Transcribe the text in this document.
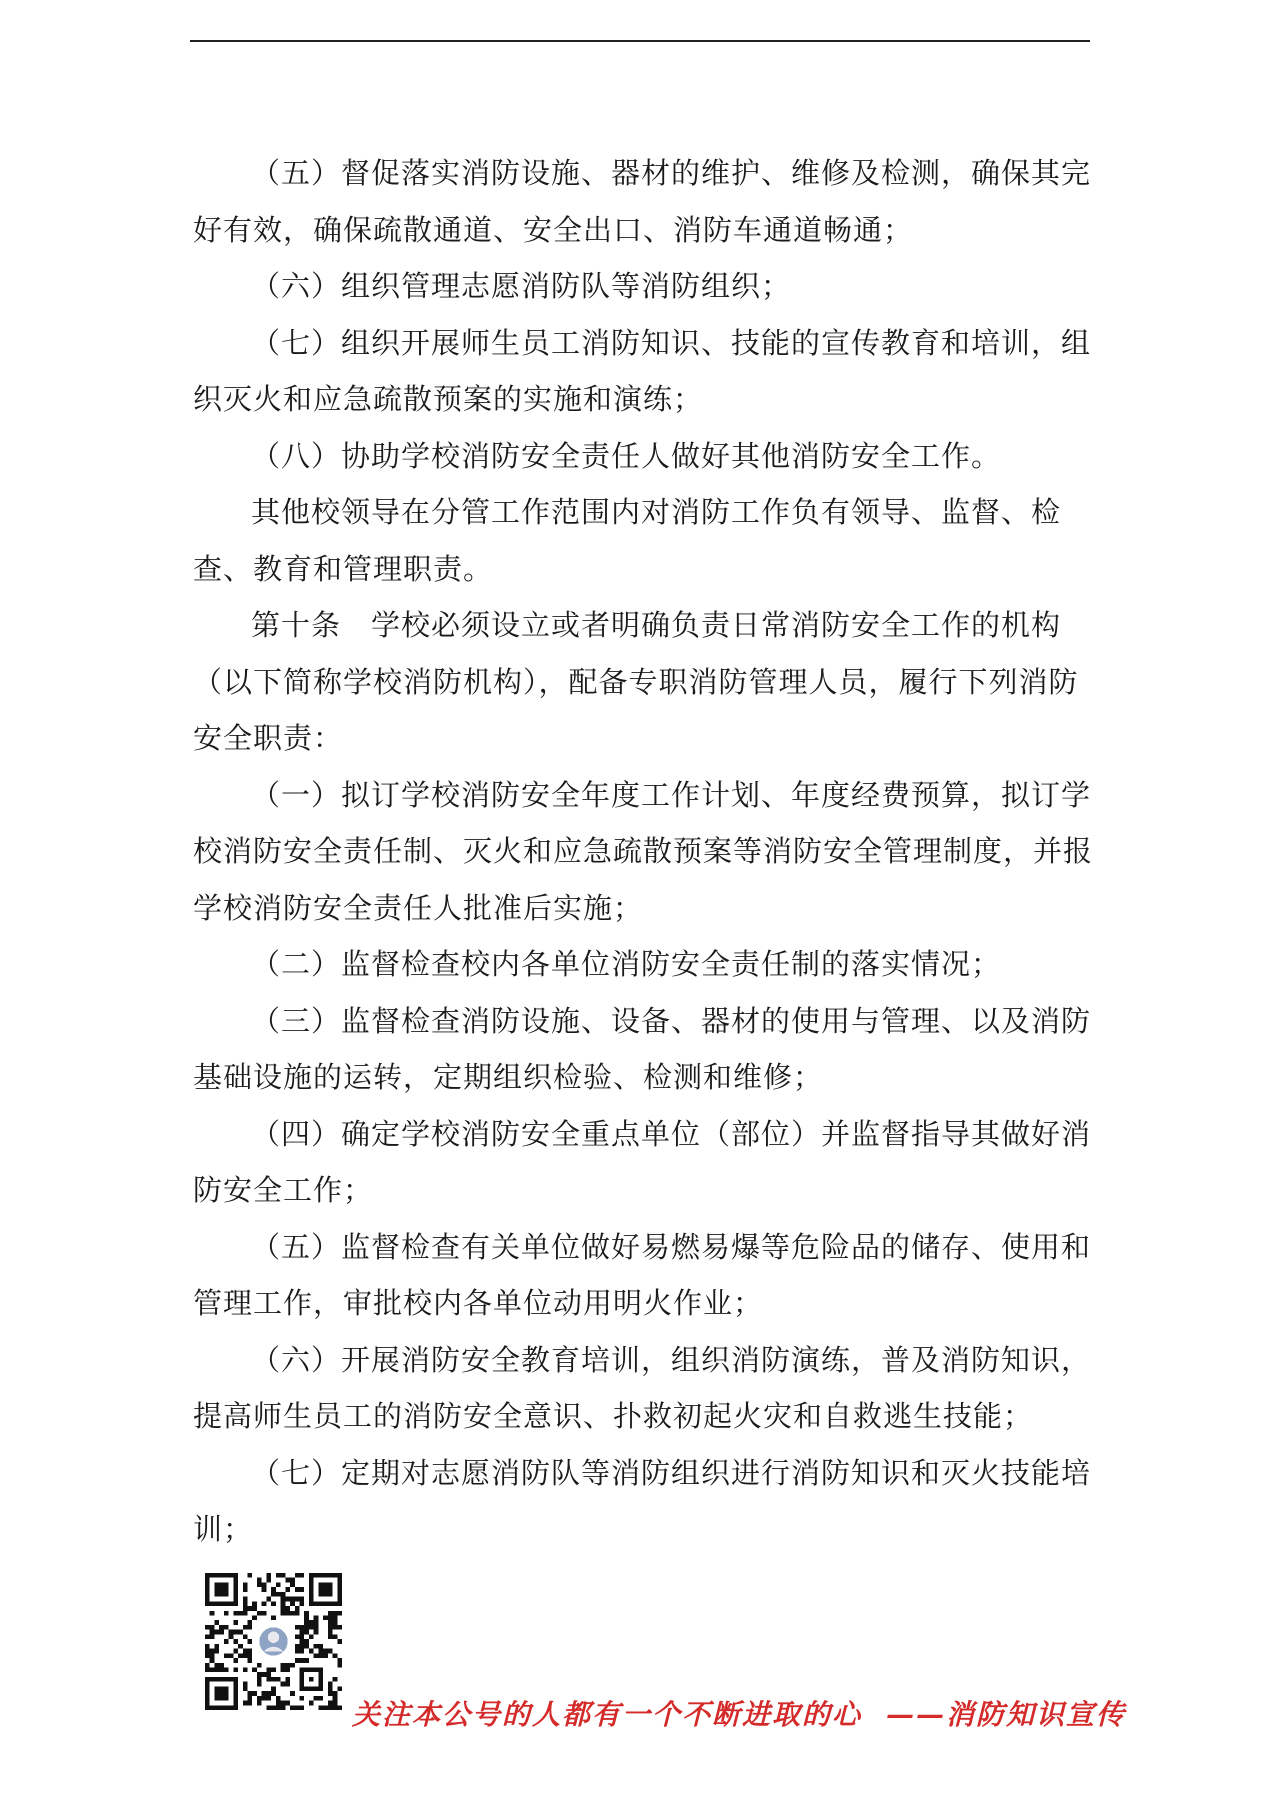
（五）督促落实消防设施、器材的维护、维修及检测，确保其完好有效，确保疏散通道、安全出口、消防车通道畅通；

（六）组织管理志愿消防队等消防组织；

（七）组织开展师生员工消防知识、技能的宣传教育和培训，组织灭火和应急疏散预案的实施和演练；

（八）协助学校消防安全责任人做好其他消防安全工作。

其他校领导在分管工作范围内对消防工作负有领导、监督、检查、教育和管理职责。

第十条　学校必须设立或者明确负责日常消防安全工作的机构（以下简称学校消防机构），配备专职消防管理人员，履行下列消防安全职责：

（一）拟订学校消防安全年度工作计划、年度经费预算，拟订学校消防安全责任制、灭火和应急疏散预案等消防安全管理制度，并报学校消防安全责任人批准后实施；

（二）监督检查校内各单位消防安全责任制的落实情况；

（三）监督检查消防设施、设备、器材的使用与管理、以及消防基础设施的运转，定期组织检验、检测和维修；

（四）确定学校消防安全重点单位（部位）并监督指导其做好消防安全工作；

（五）监督检查有关单位做好易燃易爆等危险品的储存、使用和管理工作，审批校内各单位动用明火作业；

（六）开展消防安全教育培训，组织消防演练，普及消防知识，提高师生员工的消防安全意识、扑救初起火灾和自救逃生技能；

（七）定期对志愿消防队等消防组织进行消防知识和灭火技能培训；

关注本公号的人都有一个不断进取的心 ——消防知识宣传
